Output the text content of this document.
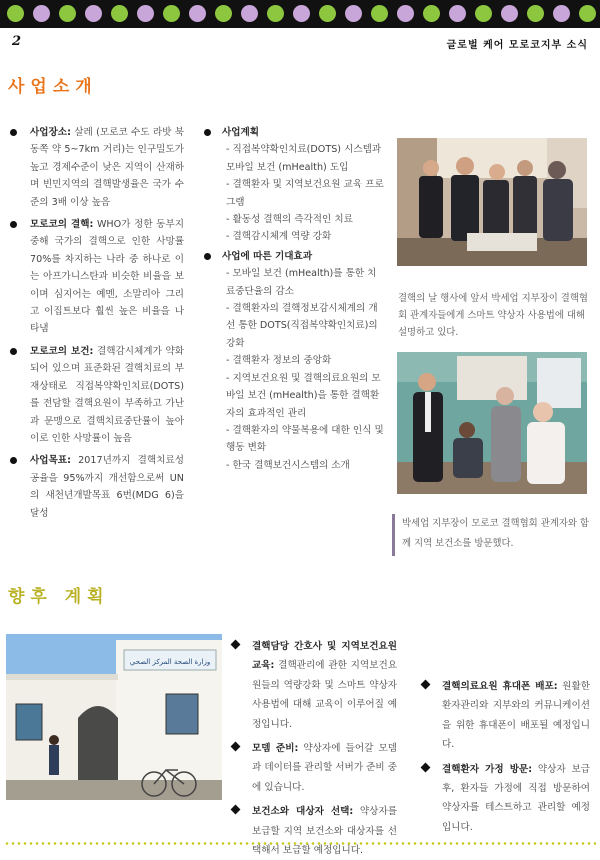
2	글로벌 케어 모로코지부 소식
사업소개
사업장소: 살레 (모로코 수도 라밧 북동쪽 약 5~7km 거리)는 인구밀도가 높고 경제수준이 낮은 지역이 산재하며 빈민지역의 결핵발생율은 국가 수준의 3배 이상 높음
모로코의 결핵: WHO가 정한 동부지중해 국가의 결핵으로 인한 사망률 70%를 차지하는 나라 중 하나로 이는 아프가니스탄과 비슷한 비율을 보이며 심지어는 예멘, 소말리아 그리고 이집트보다 훨씬 높은 비율을 나타냄
모로코의 보건: 결핵감시체계가 약화되어 있으며 표준화된 결핵치료의 부재상태로 직접복약확인치료(DOTS)를 전담할 결핵요원이 부족하고 가난과 문맹으로 결핵치료중단률이 높아 이로 인한 사망률이 높음
사업목표: 2017년까지 결핵치료성공율을 95%까지 개선함으로써 UN의 새천년개발목표 6번(MDG 6)을 달성
사업계획
- 직접복약확인치료(DOTS) 시스템과 모바일 보건 (mHealth) 도입
- 결핵환자 및 지역보건요원 교육 프로그램
- 활동성 결핵의 즉각적인 치료
- 결핵감시체계 역량 강화
사업에 따른 기대효과
- 모바일 보건 (mHealth)를 통한 치료중단율의 감소
- 결핵환자의 결핵정보감시체계의 개선 통한 DOTS(직접복약확인치료)의 강화
- 결핵환자 정보의 중앙화
- 지역보건요원 및 결핵의료요원의 모바일 보건 (mHealth)을 통한 결핵환자의 효과적인 관리
- 결핵환자의 약물복용에 대한 인식 및 행동 변화
- 한국 결핵보건시스템의 소개
결핵의 날 행사에 앞서 박세업 지부장이 결핵협회 관계자들에게 스마트 약상자 사용법에 대해 설명하고 있다.
박세업 지부장이 모로코 결핵협회 관계자와 함께 지역 보건소를 방문했다.
향후 계획
وزارة الصحة المركز الصحي
결핵담당 간호사 및 지역보건요원 교육: 결핵관리에 관한 지역보건요원들의 역량강화 및 스마트 약상자 사용법에 대해 교육이 이루어질 예정입니다.
모뎀 준비: 약상자에 들어갈 모뎀과 데이터를 관리할 서버가 준비 중에 있습니다.
보건소와 대상자 선택: 약상자를 보급할 지역 보건소와 대상자를 선택해서 보급할 예정입니다.
결핵의료요원 휴대폰 배포: 원활한 환자관리와 지부와의 커뮤니케이션을 위한 휴대폰이 배포될 예정입니다.
결핵환자 가정 방문: 약상자 보급 후, 환자들 가정에 직접 방문하여 약상자를 테스트하고 관리할 예정입니다.
